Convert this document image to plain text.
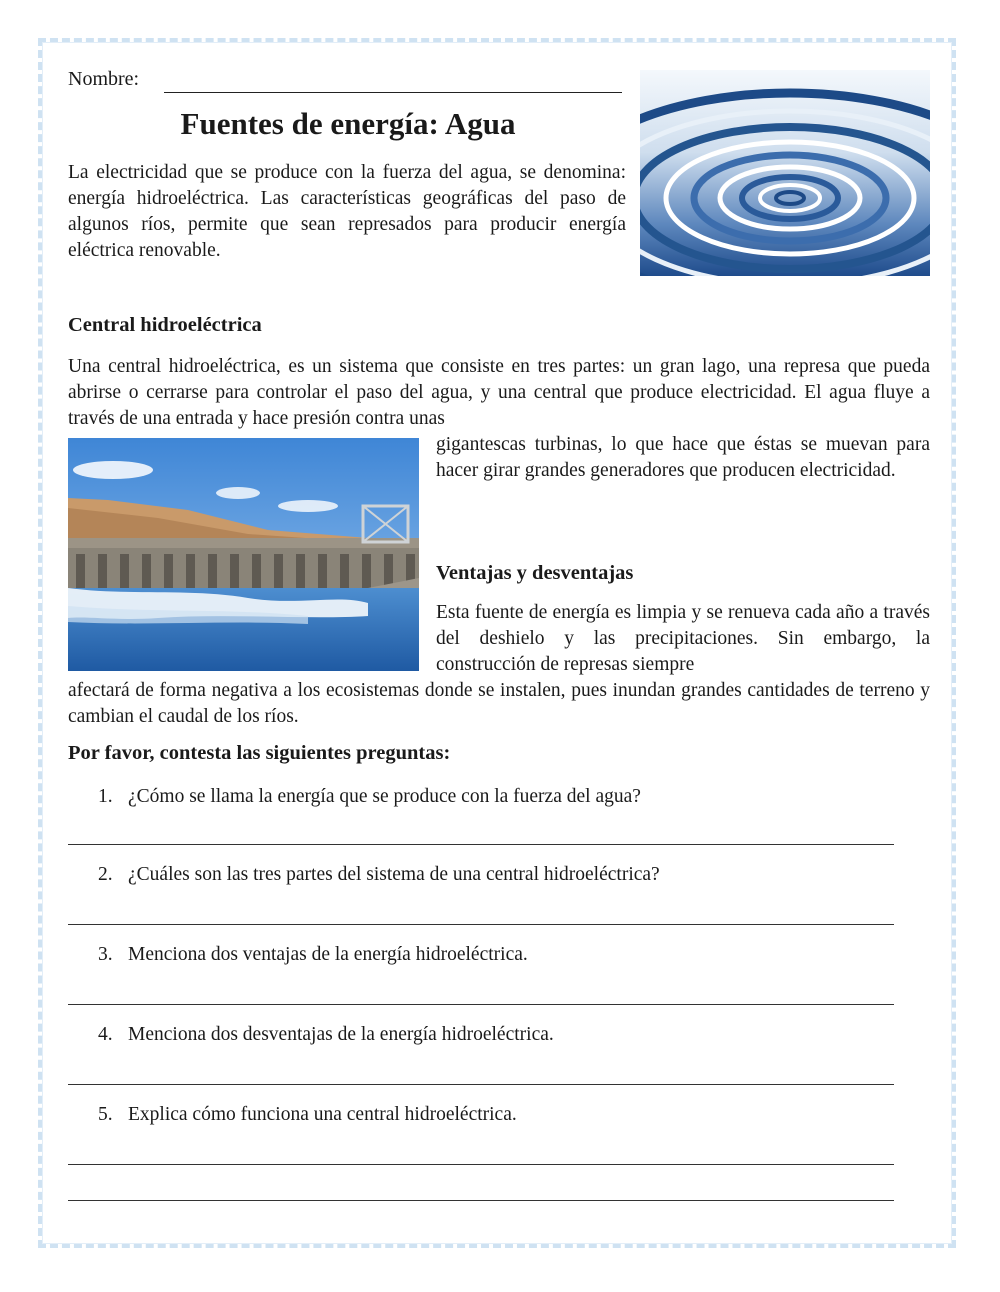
Nombre:
Fuentes de energía: Agua
La electricidad que se produce con la fuerza del agua, se denomina: energía hidroeléctrica. Las características geográficas del paso de algunos ríos, permite que sean represados para producir energía eléctrica renovable.
Central hidroeléctrica
Una central hidroeléctrica, es un sistema que consiste en tres partes: un gran lago, una represa que pueda abrirse o cerrarse para controlar el paso del agua, y una central que produce electricidad. El agua fluye a través de una entrada y hace presión contra unas
gigantescas turbinas, lo que hace que éstas se muevan para hacer girar grandes generadores que producen electricidad.
Ventajas y desventajas
Esta fuente de energía es limpia y se renueva cada año a través del deshielo y las precipitaciones. Sin embargo, la construcción de represas siempre
afectará de forma negativa a los ecosistemas donde se instalen, pues inundan grandes cantidades de terreno y cambian el caudal de los ríos.
Por favor, contesta las siguientes preguntas:
1. ¿Cómo se llama la energía que se produce con la fuerza del agua?
2. ¿Cuáles son las tres partes del sistema de una central hidroeléctrica?
3. Menciona dos ventajas de la energía hidroeléctrica.
4. Menciona dos desventajas de la energía hidroeléctrica.
5. Explica cómo funciona una central hidroeléctrica.
